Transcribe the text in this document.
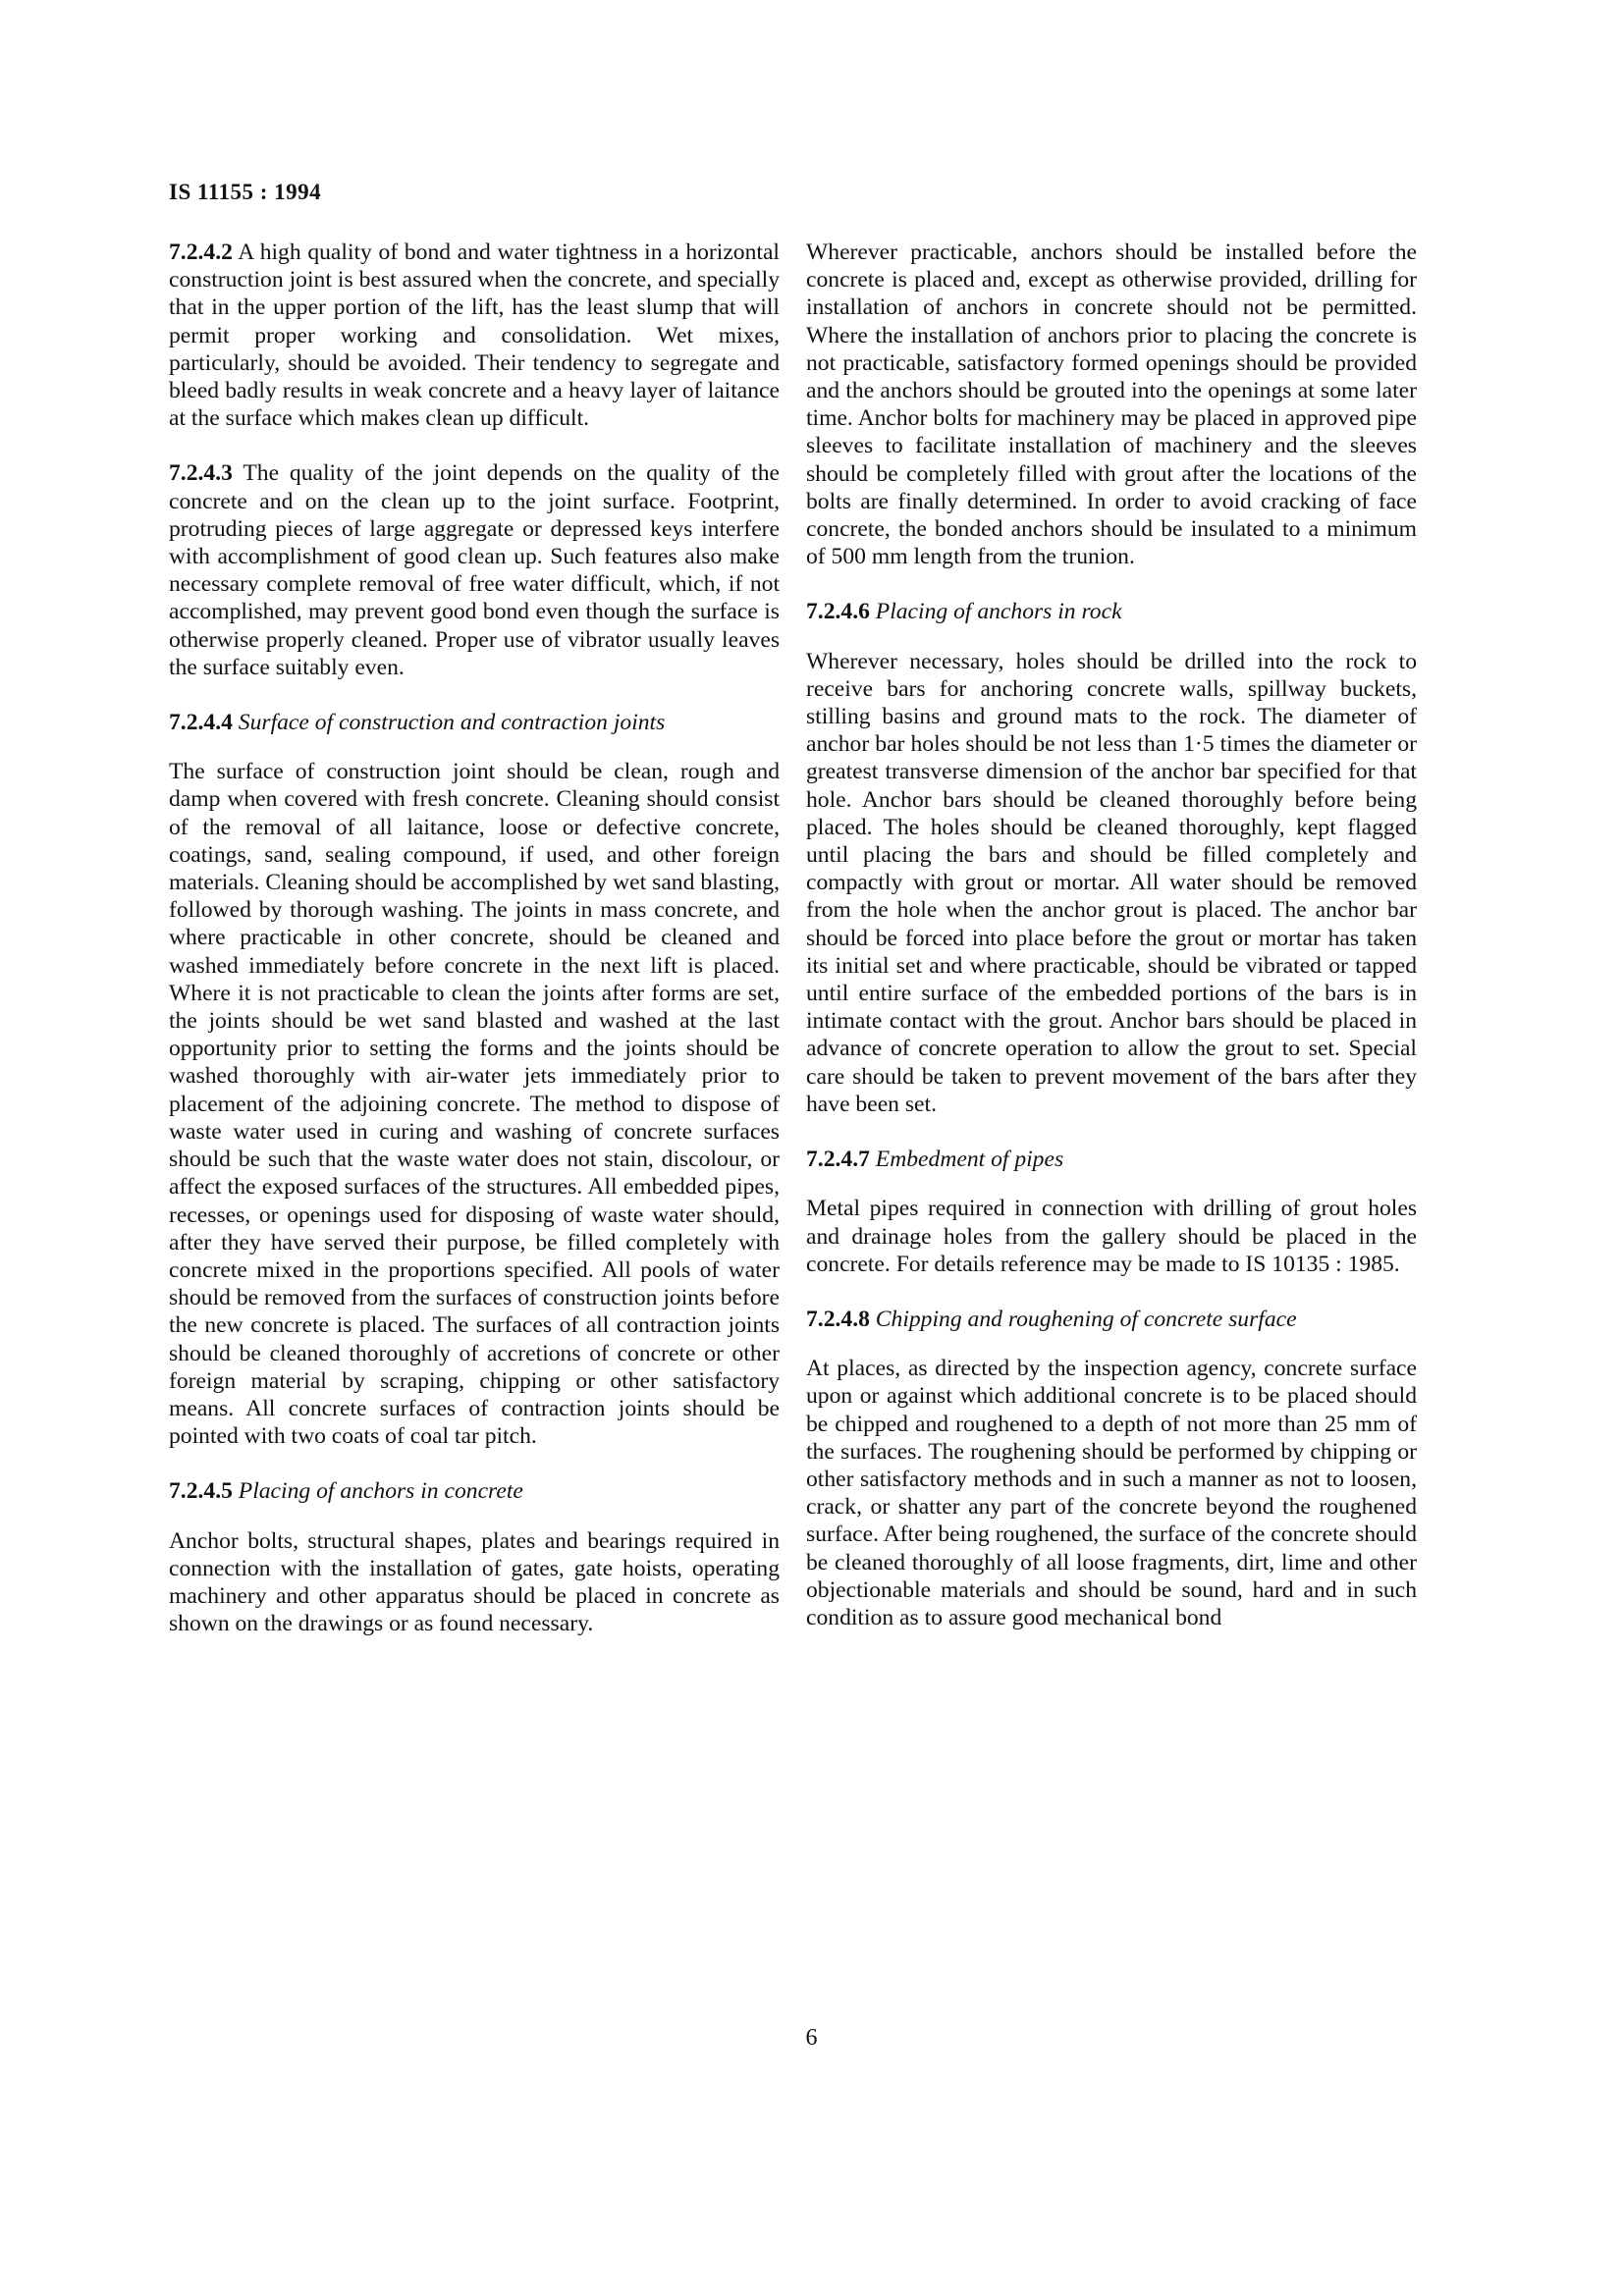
IS 11155 : 1994

7.2.4.2 A high quality of bond and water tightness in a horizontal construction joint is best assured when the concrete, and specially that in the upper portion of the lift, has the least slump that will permit proper working and consolidation. Wet mixes, particularly, should be avoided. Their tendency to segregate and bleed badly results in weak concrete and a heavy layer of laitance at the surface which makes clean up difficult.

7.2.4.3 The quality of the joint depends on the quality of the concrete and on the clean up to the joint surface. Footprint, protruding pieces of large aggregate or depressed keys interfere with accomplishment of good clean up. Such features also make necessary complete removal of free water difficult, which, if not accomplished, may prevent good bond even though the surface is otherwise properly cleaned. Proper use of vibrator usually leaves the surface suitably even.

7.2.4.4 Surface of construction and contraction joints

The surface of construction joint should be clean, rough and damp when covered with fresh concrete. Cleaning should consist of the removal of all laitance, loose or defective concrete, coatings, sand, sealing compound, if used, and other foreign materials. Cleaning should be accomplished by wet sand blasting, followed by thorough washing. The joints in mass concrete, and where practicable in other concrete, should be cleaned and washed immediately before concrete in the next lift is placed. Where it is not practicable to clean the joints after forms are set, the joints should be wet sand blasted and washed at the last opportunity prior to setting the forms and the joints should be washed thoroughly with air-water jets immediately prior to placement of the adjoining concrete. The method to dispose of waste water used in curing and washing of concrete surfaces should be such that the waste water does not stain, discolour, or affect the exposed surfaces of the structures. All embedded pipes, recesses, or openings used for disposing of waste water should, after they have served their purpose, be filled completely with concrete mixed in the proportions specified. All pools of water should be removed from the surfaces of construction joints before the new concrete is placed. The surfaces of all contraction joints should be cleaned thoroughly of accretions of concrete or other foreign material by scraping, chipping or other satisfactory means. All concrete surfaces of contraction joints should be pointed with two coats of coal tar pitch.

7.2.4.5 Placing of anchors in concrete

Anchor bolts, structural shapes, plates and bearings required in connection with the installation of gates, gate hoists, operating machinery and other apparatus should be placed in concrete as shown on the drawings or as found necessary.

Wherever practicable, anchors should be installed before the concrete is placed and, except as otherwise provided, drilling for installation of anchors in concrete should not be permitted. Where the installation of anchors prior to placing the concrete is not practicable, satisfactory formed openings should be provided and the anchors should be grouted into the openings at some later time. Anchor bolts for machinery may be placed in approved pipe sleeves to facilitate installation of machinery and the sleeves should be completely filled with grout after the locations of the bolts are finally determined. In order to avoid cracking of face concrete, the bonded anchors should be insulated to a minimum of 500 mm length from the trunion.

7.2.4.6 Placing of anchors in rock

Wherever necessary, holes should be drilled into the rock to receive bars for anchoring concrete walls, spillway buckets, stilling basins and ground mats to the rock. The diameter of anchor bar holes should be not less than 1·5 times the diameter or greatest transverse dimension of the anchor bar specified for that hole. Anchor bars should be cleaned thoroughly before being placed. The holes should be cleaned thoroughly, kept flagged until placing the bars and should be filled completely and compactly with grout or mortar. All water should be removed from the hole when the anchor grout is placed. The anchor bar should be forced into place before the grout or mortar has taken its initial set and where practicable, should be vibrated or tapped until entire surface of the embedded portions of the bars is in intimate contact with the grout. Anchor bars should be placed in advance of concrete operation to allow the grout to set. Special care should be taken to prevent movement of the bars after they have been set.

7.2.4.7 Embedment of pipes

Metal pipes required in connection with drilling of grout holes and drainage holes from the gallery should be placed in the concrete. For details reference may be made to IS 10135 : 1985.

7.2.4.8 Chipping and roughening of concrete surface

At places, as directed by the inspection agency, concrete surface upon or against which additional concrete is to be placed should be chipped and roughened to a depth of not more than 25 mm of the surfaces. The roughening should be performed by chipping or other satisfactory methods and in such a manner as not to loosen, crack, or shatter any part of the concrete beyond the roughened surface. After being roughened, the surface of the concrete should be cleaned thoroughly of all loose fragments, dirt, lime and other objectionable materials and should be sound, hard and in such condition as to assure good mechanical bond

6
